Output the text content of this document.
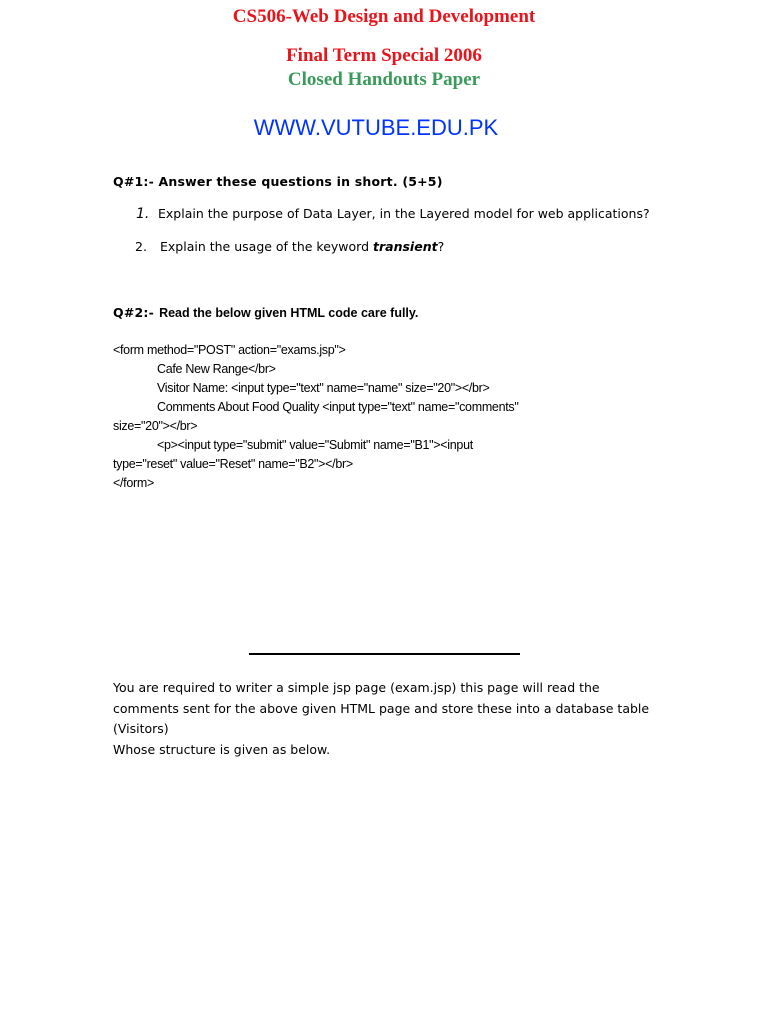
CS506-Web Design and Development
Final Term Special 2006
Closed Handouts Paper
WWW.VUTUBE.EDU.PK
Q#1:- Answer these questions in short. (5+5)
1. Explain the purpose of Data Layer, in the Layered model for web applications?
2. Explain the usage of the keyword transient?
Q#2:- Read the below given HTML code care fully.
<form method="POST" action="exams.jsp">
Cafe New Range</br>
Visitor Name: <input type="text" name="name" size="20"></br>
Comments About Food Quality <input type="text" name="comments"
size="20"></br>
<p><input type="submit" value="Submit" name="B1"><input
type="reset" value="Reset" name="B2"></br>
</form>
You are required to writer a simple jsp page (exam.jsp) this page will read the
comments sent for the above given HTML page and store these into a database table
(Visitors)
Whose structure is given as below.
